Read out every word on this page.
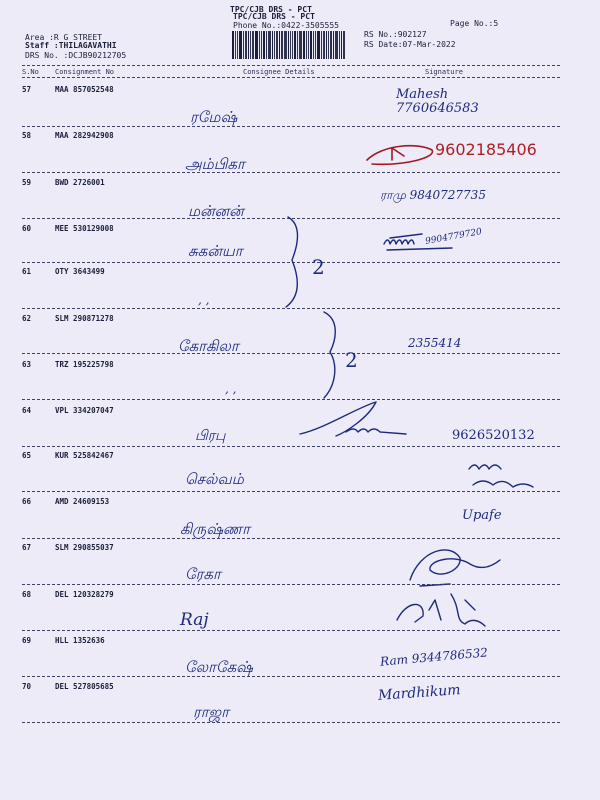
TPC/CJB DRS - PCT
TPC/CJB DRS - PCT
Phone No.:0422-3505555	Page No.:5
Area :R G STREET
Staff :THILAGAVATHI
DRS No. :DCJB90212705
RS No.:902127
RS Date:07-Mar-2022
S.No Consignment No	Consignee Details	Signature
57	MAA 857052548
ரமேஷ்
Mahesh 7760646583
58	MAA 282942908
அம்பிகா
9602185406
59	BWD 2726001
மன்னன்
ராமு 9840727735
60	MEE 530129008
சுகன்யா
9904779720
2
61	OTY 3643499
, ,
62	SLM 290871278
கோகிலா	2355414
2
63	TRZ 195225798
, ,
64	VPL 334207047
பிரபு	9626520132
65	KUR 525842467
செல்வம்
66	AMD 24609153
கிருஷ்ணா
Upafe
67	SLM 290855037
ரேகா
68	DEL 120328279
Raj
69	HLL 1352636
லோகேஷ்	Ram 9344786532
70	DEL 527805685
ராஜா
Mardhikum
